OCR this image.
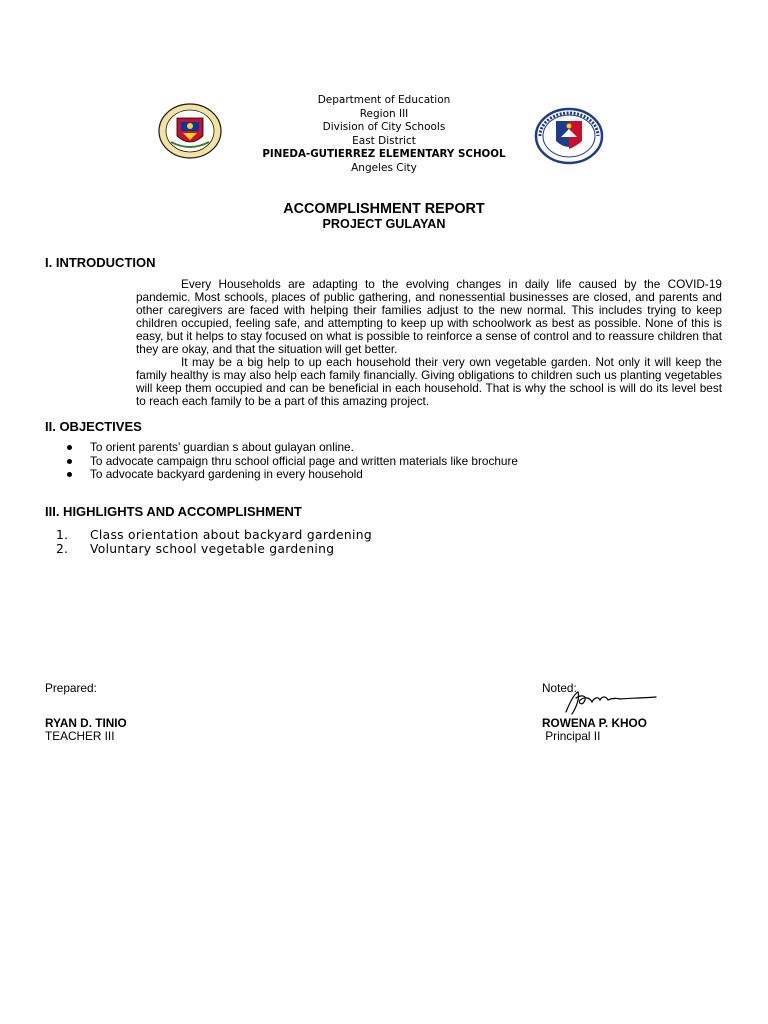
Department of Education
Region III
Division of City Schools
East District
PINEDA-GUTIERREZ ELEMENTARY SCHOOL
Angeles City
ACCOMPLISHMENT REPORT
PROJECT GULAYAN
I. INTRODUCTION

Every Households are adapting to the evolving changes in daily life caused by the COVID-19 pandemic. Most schools, places of public gathering, and nonessential businesses are closed, and parents and other caregivers are faced with helping their families adjust to the new normal. This includes trying to keep children occupied, feeling safe, and attempting to keep up with schoolwork as best as possible. None of this is easy, but it helps to stay focused on what is possible to reinforce a sense of control and to reassure children that they are okay, and that the situation will get better.

It may be a big help to up each household their very own vegetable garden. Not only it will keep the family healthy is may also help each family financially. Giving obligations to children such us planting vegetables will keep them occupied and can be beneficial in each household. That is why the school is will do its level best to reach each family to be a part of this amazing project.

II. OBJECTIVES
To orient parents’ guardian s about gulayan online.
To advocate campaign thru school official page and written materials like brochure
To advocate backyard gardening in every household
III. HIGHLIGHTS AND ACCOMPLISHMENT
1. Class orientation about backyard gardening
2. Voluntary school vegetable gardening
Prepared:
RYAN D. TINIO
TEACHER III
Noted:
ROWENA P. KHOO
Principal II
